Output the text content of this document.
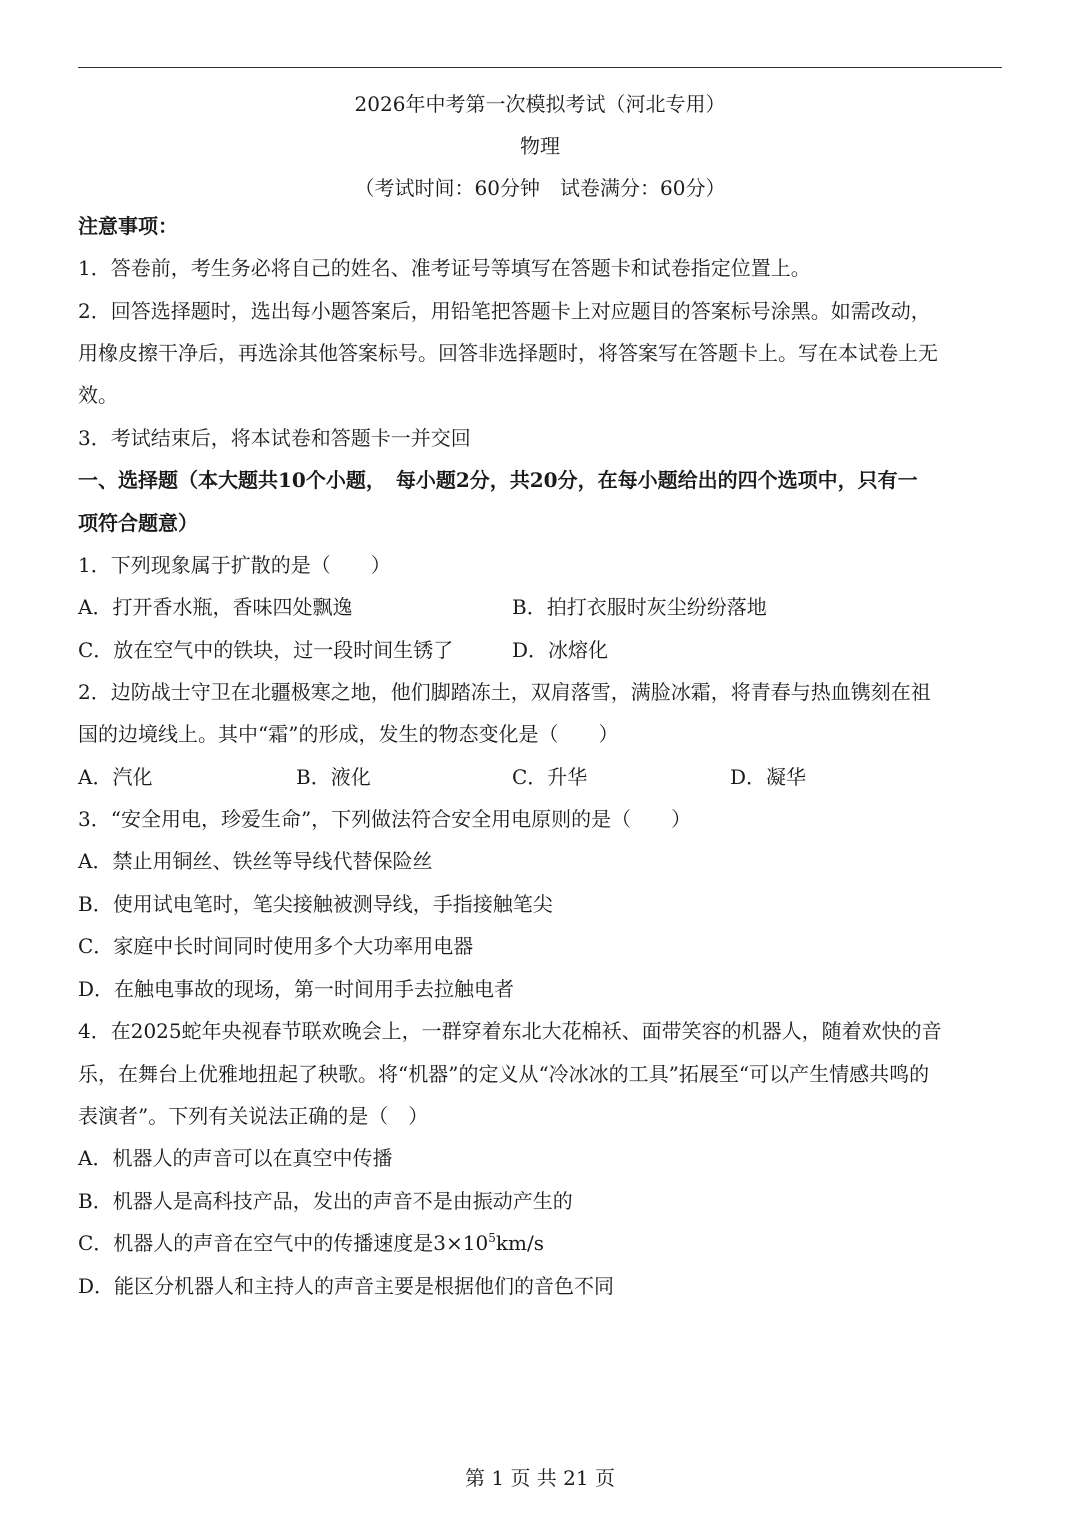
2026年中考第一次模拟考试（河北专用）
物理
（考试时间：60分钟　试卷满分：60分）
注意事项：
1．答卷前，考生务必将自己的姓名、准考证号等填写在答题卡和试卷指定位置上。
2．回答选择题时，选出每小题答案后，用铅笔把答题卡上对应题目的答案标号涂黑。如需改动，
用橡皮擦干净后，再选涂其他答案标号。回答非选择题时，将答案写在答题卡上。写在本试卷上无
效。
3．考试结束后，将本试卷和答题卡一并交回
一、选择题（本大题共10个小题，　每小题2分，共20分，在每小题给出的四个选项中，只有一
项符合题意）
1．下列现象属于扩散的是（　　）
A．打开香水瓶，香味四处飘逸	B．拍打衣服时灰尘纷纷落地
C．放在空气中的铁块，过一段时间生锈了	D．冰熔化
2．边防战士守卫在北疆极寒之地，他们脚踏冻土，双肩落雪，满脸冰霜，将青春与热血镌刻在祖
国的边境线上。其中“霜”的形成，发生的物态变化是（　　）
A．汽化	B．液化	C．升华	D．凝华
3．“安全用电，珍爱生命”，下列做法符合安全用电原则的是（　　）
A．禁止用铜丝、铁丝等导线代替保险丝
B．使用试电笔时，笔尖接触被测导线，手指接触笔尖
C．家庭中长时间同时使用多个大功率用电器
D．在触电事故的现场，第一时间用手去拉触电者
4．在2025蛇年央视春节联欢晚会上，一群穿着东北大花棉袄、面带笑容的机器人，随着欢快的音
乐，在舞台上优雅地扭起了秧歌。将“机器”的定义从“冷冰冰的工具”拓展至“可以产生情感共鸣的
表演者”。下列有关说法正确的是（　）
A．机器人的声音可以在真空中传播
B．机器人是高科技产品，发出的声音不是由振动产生的
C．机器人的声音在空气中的传播速度是$3\times 10^5km/s$
D．能区分机器人和主持人的声音主要是根据他们的音色不同
第 1 页 共 21 页
